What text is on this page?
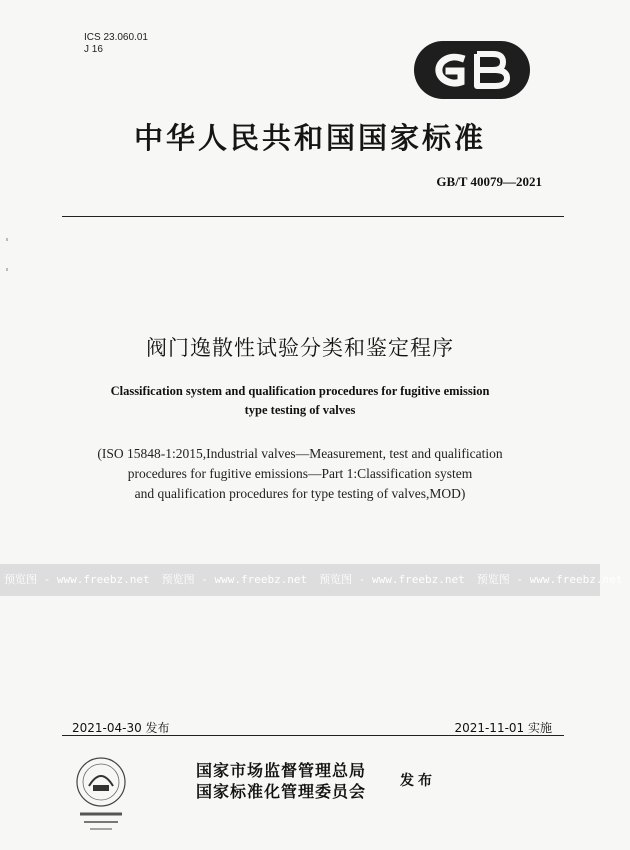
ICS 23.060.01
J 16
中华人民共和国国家标准
GB/T 40079—2021
阀门逸散性试验分类和鉴定程序
Classification system and qualification procedures for fugitive emission
type testing of valves
(ISO 15848-1:2015,Industrial valves—Measurement, test and qualification
procedures for fugitive emissions—Part 1:Classification system
and qualification procedures for type testing of valves,MOD)
预览图 - www.freebz.net 预览图 - www.freebz.net 预览图 - www.freebz.net 预览图 - www.freebz.net
2021-04-30 发布	2021-11-01 实施
国家市场监督管理总局
国家标准化管理委员会
发布
